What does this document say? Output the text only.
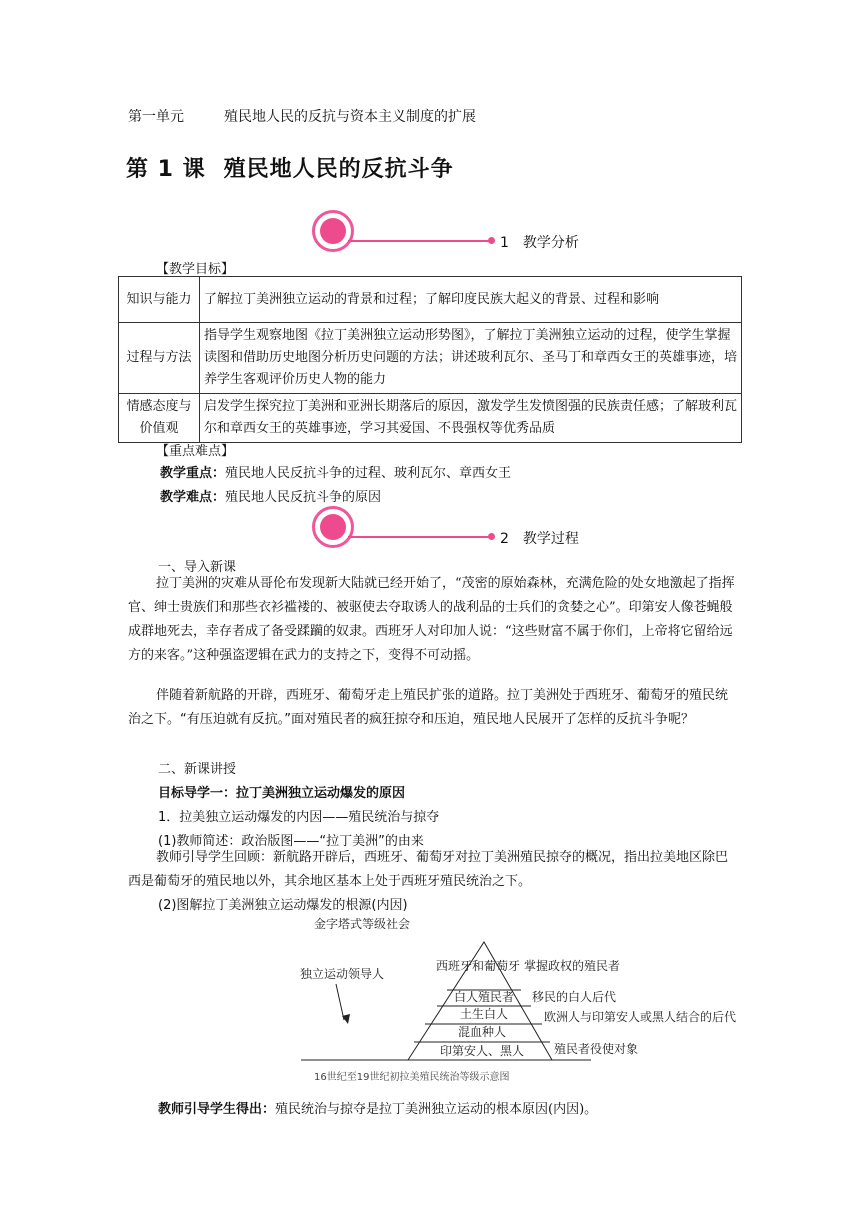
第一单元	殖民地人民的反抗与资本主义制度的扩展
第 1 课 殖民地人民的反抗斗争
1　教学分析
【教学目标】
知识与能力	了解拉丁美洲独立运动的背景和过程；了解印度民族大起义的背景、过程和影响
过程与方法	指导学生观察地图《拉丁美洲独立运动形势图》，了解拉丁美洲独立运动的过程，使学生掌握读图和借助历史地图分析历史问题的方法；讲述玻利瓦尔、圣马丁和章西女王的英雄事迹，培养学生客观评价历史人物的能力
情感态度与价值观	启发学生探究拉丁美洲和亚洲长期落后的原因，激发学生发愤图强的民族责任感；了解玻利瓦尔和章西女王的英雄事迹，学习其爱国、不畏强权等优秀品质
【重点难点】
教学重点：殖民地人民反抗斗争的过程、玻利瓦尔、章西女王
教学难点：殖民地人民反抗斗争的原因
2　教学过程
一、导入新课
拉丁美洲的灾难从哥伦布发现新大陆就已经开始了，“茂密的原始森林，充满危险的处女地激起了指挥官、绅士贵族们和那些衣衫褴褛的、被驱使去夺取诱人的战利品的士兵们的贪婪之心”。印第安人像苍蝇般成群地死去，幸存者成了备受蹂躏的奴隶。西班牙人对印加人说：“这些财富不属于你们，上帝将它留给远方的来客。”这种强盗逻辑在武力的支持之下，变得不可动摇。
伴随着新航路的开辟，西班牙、葡萄牙走上殖民扩张的道路。拉丁美洲处于西班牙、葡萄牙的殖民统治之下。“有压迫就有反抗。”面对殖民者的疯狂掠夺和压迫，殖民地人民展开了怎样的反抗斗争呢？
二、新课讲授
目标导学一：拉丁美洲独立运动爆发的原因
1．拉美独立运动爆发的内因——殖民统治与掠夺
(1)教师简述：政治版图——“拉丁美洲”的由来
教师引导学生回顾：新航路开辟后，西班牙、葡萄牙对拉丁美洲殖民掠夺的概况，指出拉美地区除巴西是葡萄牙的殖民地以外，其余地区基本上处于西班牙殖民统治之下。
(2)图解拉丁美洲独立运动爆发的根源(内因)
金字塔式等级社会
西班牙和葡萄牙
白人殖民者
土生白人
混血种人
印第安人、黑人
独立运动领导人
掌握政权的殖民者
移民的白人后代
欧洲人与印第安人或黑人结合的后代
殖民者役使对象
16世纪至19世纪初拉美殖民统治等级示意图
教师引导学生得出：殖民统治与掠夺是拉丁美洲独立运动的根本原因(内因)。
